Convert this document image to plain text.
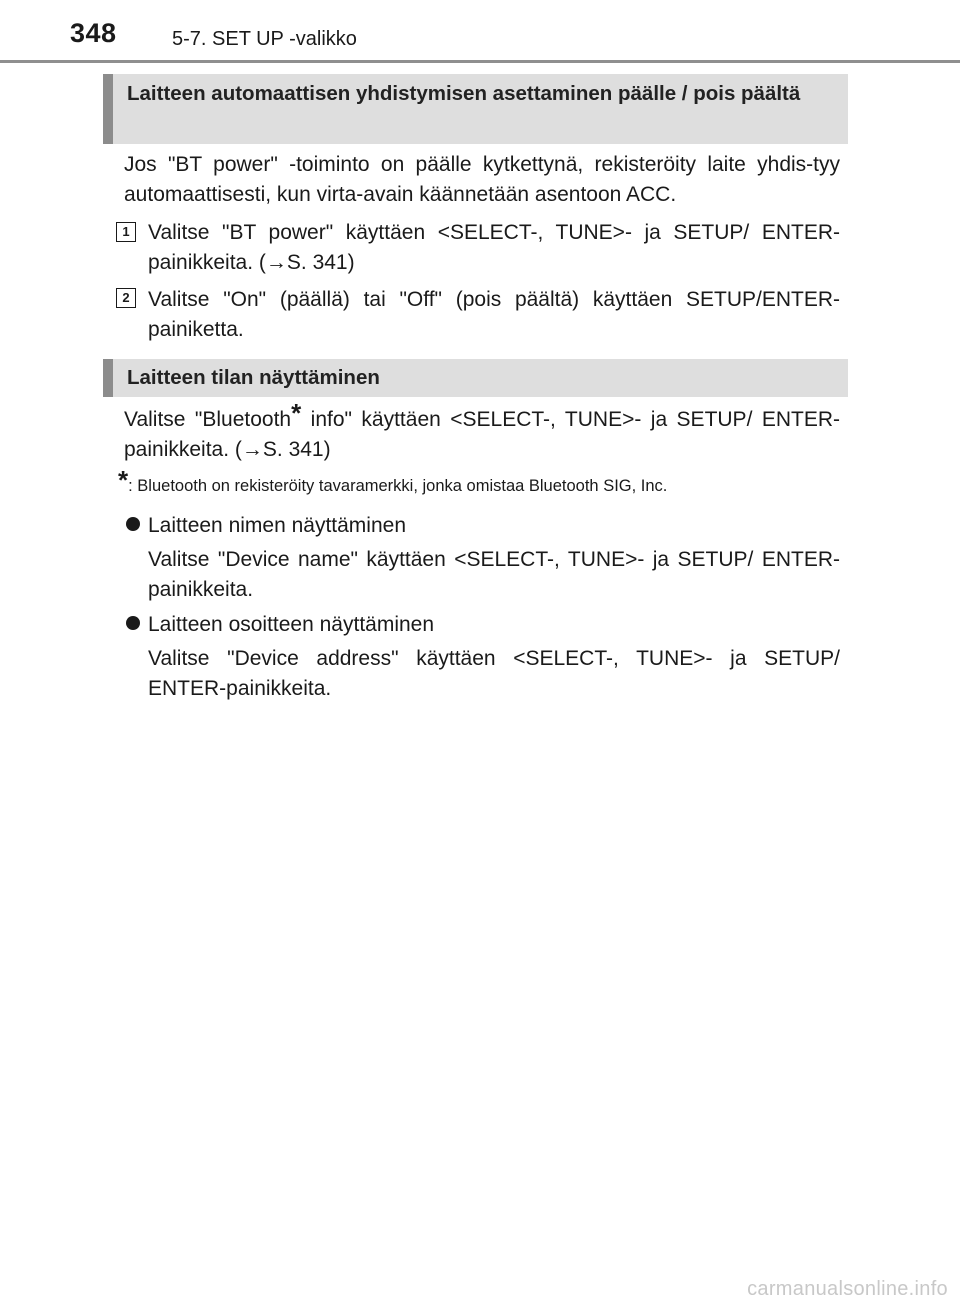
348	5-7. SET UP -valikko
Laitteen automaattisen yhdistymisen asettaminen päälle / pois päältä
Jos "BT power" -toiminto on päälle kytkettynä, rekisteröity laite yhdis-tyy automaattisesti, kun virta-avain käännetään asentoon ACC.
1 Valitse "BT power" käyttäen <SELECT-, TUNE>- ja SETUP/ ENTER-painikkeita. (→S. 341)
2 Valitse "On" (päällä) tai "Off" (pois päältä) käyttäen SETUP/ENTER-painiketta.
Laitteen tilan näyttäminen
Valitse "Bluetooth* info" käyttäen <SELECT-, TUNE>- ja SETUP/ ENTER-painikkeita. (→S. 341)
*: Bluetooth on rekisteröity tavaramerkki, jonka omistaa Bluetooth SIG, Inc.
Laitteen nimen näyttäminen
Valitse "Device name" käyttäen <SELECT-, TUNE>- ja SETUP/ ENTER-painikkeita.
Laitteen osoitteen näyttäminen
Valitse "Device address" käyttäen <SELECT-, TUNE>- ja SETUP/ ENTER-painikkeita.
carmanualsonline.info
